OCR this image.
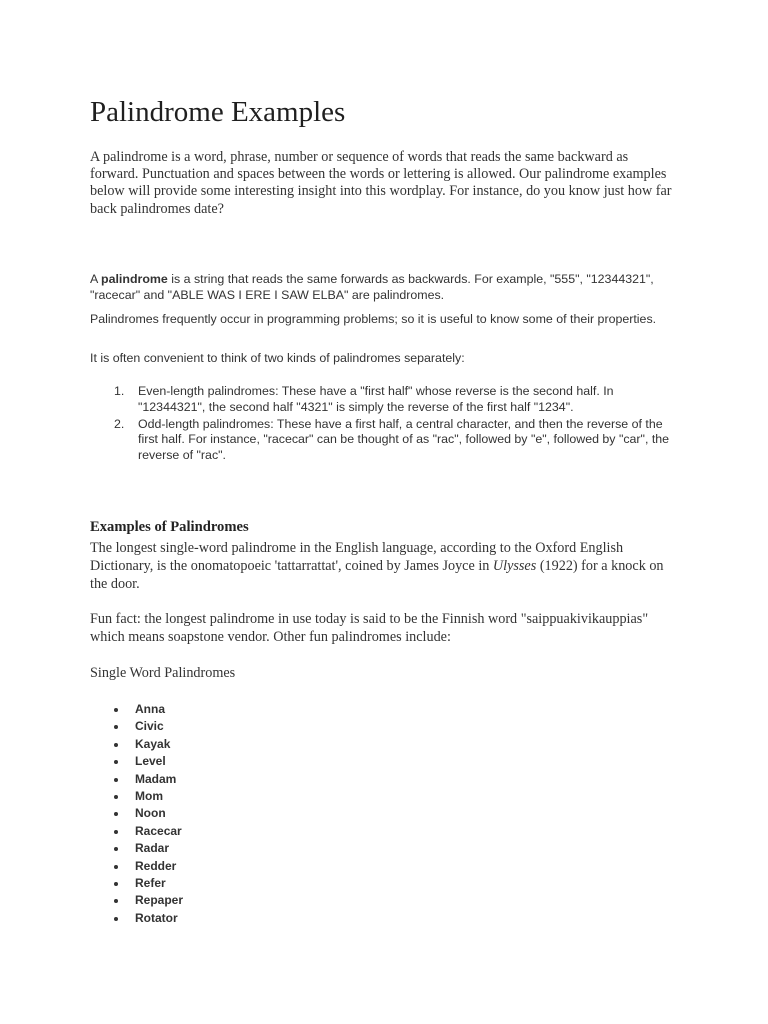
Palindrome Examples

A palindrome is a word, phrase, number or sequence of words that reads the same backward as forward. Punctuation and spaces between the words or lettering is allowed. Our palindrome examples below will provide some interesting insight into this wordplay. For instance, do you know just how far back palindromes date?

A palindrome is a string that reads the same forwards as backwards. For example, "555", "12344321", "racecar" and "ABLE WAS I ERE I SAW ELBA" are palindromes.

Palindromes frequently occur in programming problems; so it is useful to know some of their properties.

It is often convenient to think of two kinds of palindromes separately:

1. Even-length palindromes: These have a "first half" whose reverse is the second half. In "12344321", the second half "4321" is simply the reverse of the first half "1234".
2. Odd-length palindromes: These have a first half, a central character, and then the reverse of the first half. For instance, "racecar" can be thought of as "rac", followed by "e", followed by "car", the reverse of "rac".
Examples of Palindromes

The longest single-word palindrome in the English language, according to the Oxford English Dictionary, is the onomatopoeic 'tattarrattat', coined by James Joyce in Ulysses (1922) for a knock on the door.

Fun fact: the longest palindrome in use today is said to be the Finnish word "saippuakivikauppias" which means soapstone vendor. Other fun palindromes include:

Single Word Palindromes

Anna
Civic
Kayak
Level
Madam
Mom
Noon
Racecar
Radar
Redder
Refer
Repaper
Rotator
